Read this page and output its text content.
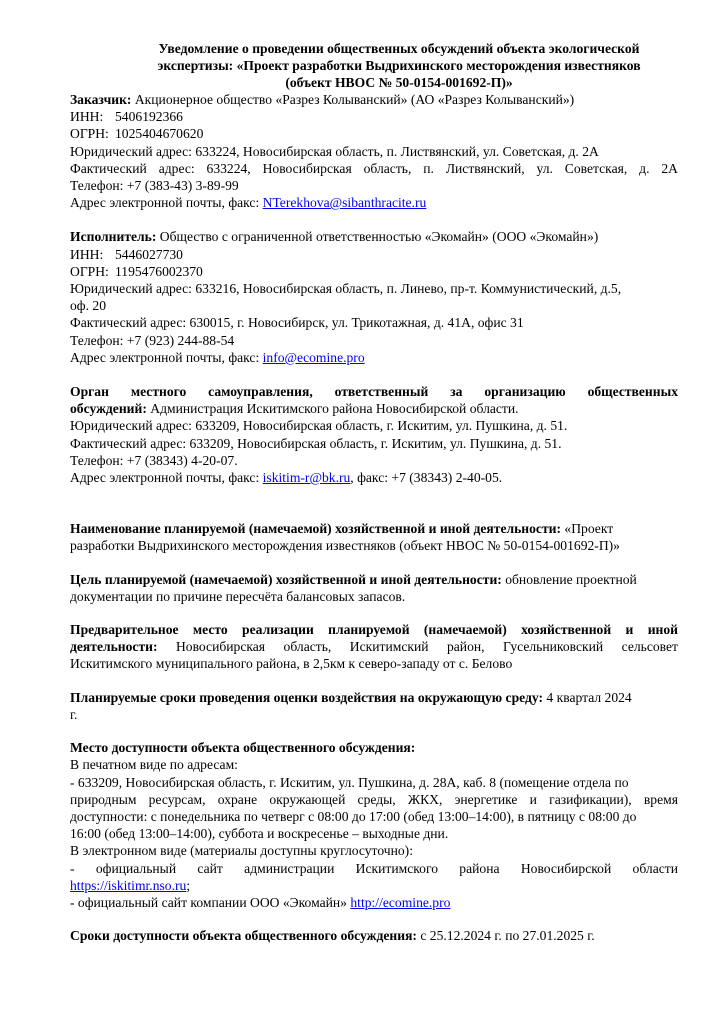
Уведомление о проведении общественных обсуждений объекта экологической
экспертизы: «Проект разработки Выдрихинского месторождения известняков
(объект НВОС № 50-0154-001692-П)»
Заказчик: Акционерное общество «Разрез Колыванский» (АО «Разрез Колыванский»)
ИНН: 5406192366
ОГРН: 1025404670620
Юридический адрес: 633224, Новосибирская область, п. Листвянский, ул. Советская, д. 2А
Фактический адрес: 633224, Новосибирская область, п. Листвянский, ул. Советская, д. 2А
Телефон: +7 (383-43) 3-89-99
Адрес электронной почты, факс: NTerekhova@sibanthracite.ru
Исполнитель: Общество с ограниченной ответственностью «Экомайн» (ООО «Экомайн»)
ИНН: 5446027730
ОГРН: 1195476002370
Юридический адрес: 633216, Новосибирская область, п. Линево, пр-т. Коммунистический, д.5,
оф. 20
Фактический адрес: 630015, г. Новосибирск, ул. Трикотажная, д. 41А, офис 31
Телефон: +7 (923) 244-88-54
Адрес электронной почты, факс: info@ecomine.pro
Орган местного самоуправления, ответственный за организацию общественных
обсуждений: Администрация Искитимского района Новосибирской области.
Юридический адрес: 633209, Новосибирская область, г. Искитим, ул. Пушкина, д. 51.
Фактический адрес: 633209, Новосибирская область, г. Искитим, ул. Пушкина, д. 51.
Телефон: +7 (38343) 4-20-07.
Адрес электронной почты, факс: iskitim-r@bk.ru, факс: +7 (38343) 2-40-05.
Наименование планируемой (намечаемой) хозяйственной и иной деятельности: «Проект
разработки Выдрихинского месторождения известняков (объект НВОС № 50-0154-001692-П)»
Цель планируемой (намечаемой) хозяйственной и иной деятельности: обновление проектной
документации по причине пересчёта балансовых запасов.
Предварительное место реализации планируемой (намечаемой) хозяйственной и иной
деятельности: Новосибирская область, Искитимский район, Гусельниковский сельсовет
Искитимского муниципального района, в 2,5км к северо-западу от с. Белово
Планируемые сроки проведения оценки воздействия на окружающую среду: 4 квартал 2024
г.
Место доступности объекта общественного обсуждения:
В печатном виде по адресам:
- 633209, Новосибирская область, г. Искитим, ул. Пушкина, д. 28А, каб. 8 (помещение отдела по
природным ресурсам, охране окружающей среды, ЖКХ, энергетике и газификации), время
доступности: с понедельника по четверг с 08:00 до 17:00 (обед 13:00–14:00), в пятницу с 08:00 до
16:00 (обед 13:00–14:00), суббота и воскресенье – выходные дни.
В электронном виде (материалы доступны круглосуточно):
- официальный сайт администрации Искитимского района Новосибирской области
https://iskitimr.nso.ru;
- официальный сайт компании ООО «Экомайн» http://ecomine.pro
Сроки доступности объекта общественного обсуждения: с 25.12.2024 г. по 27.01.2025 г.
